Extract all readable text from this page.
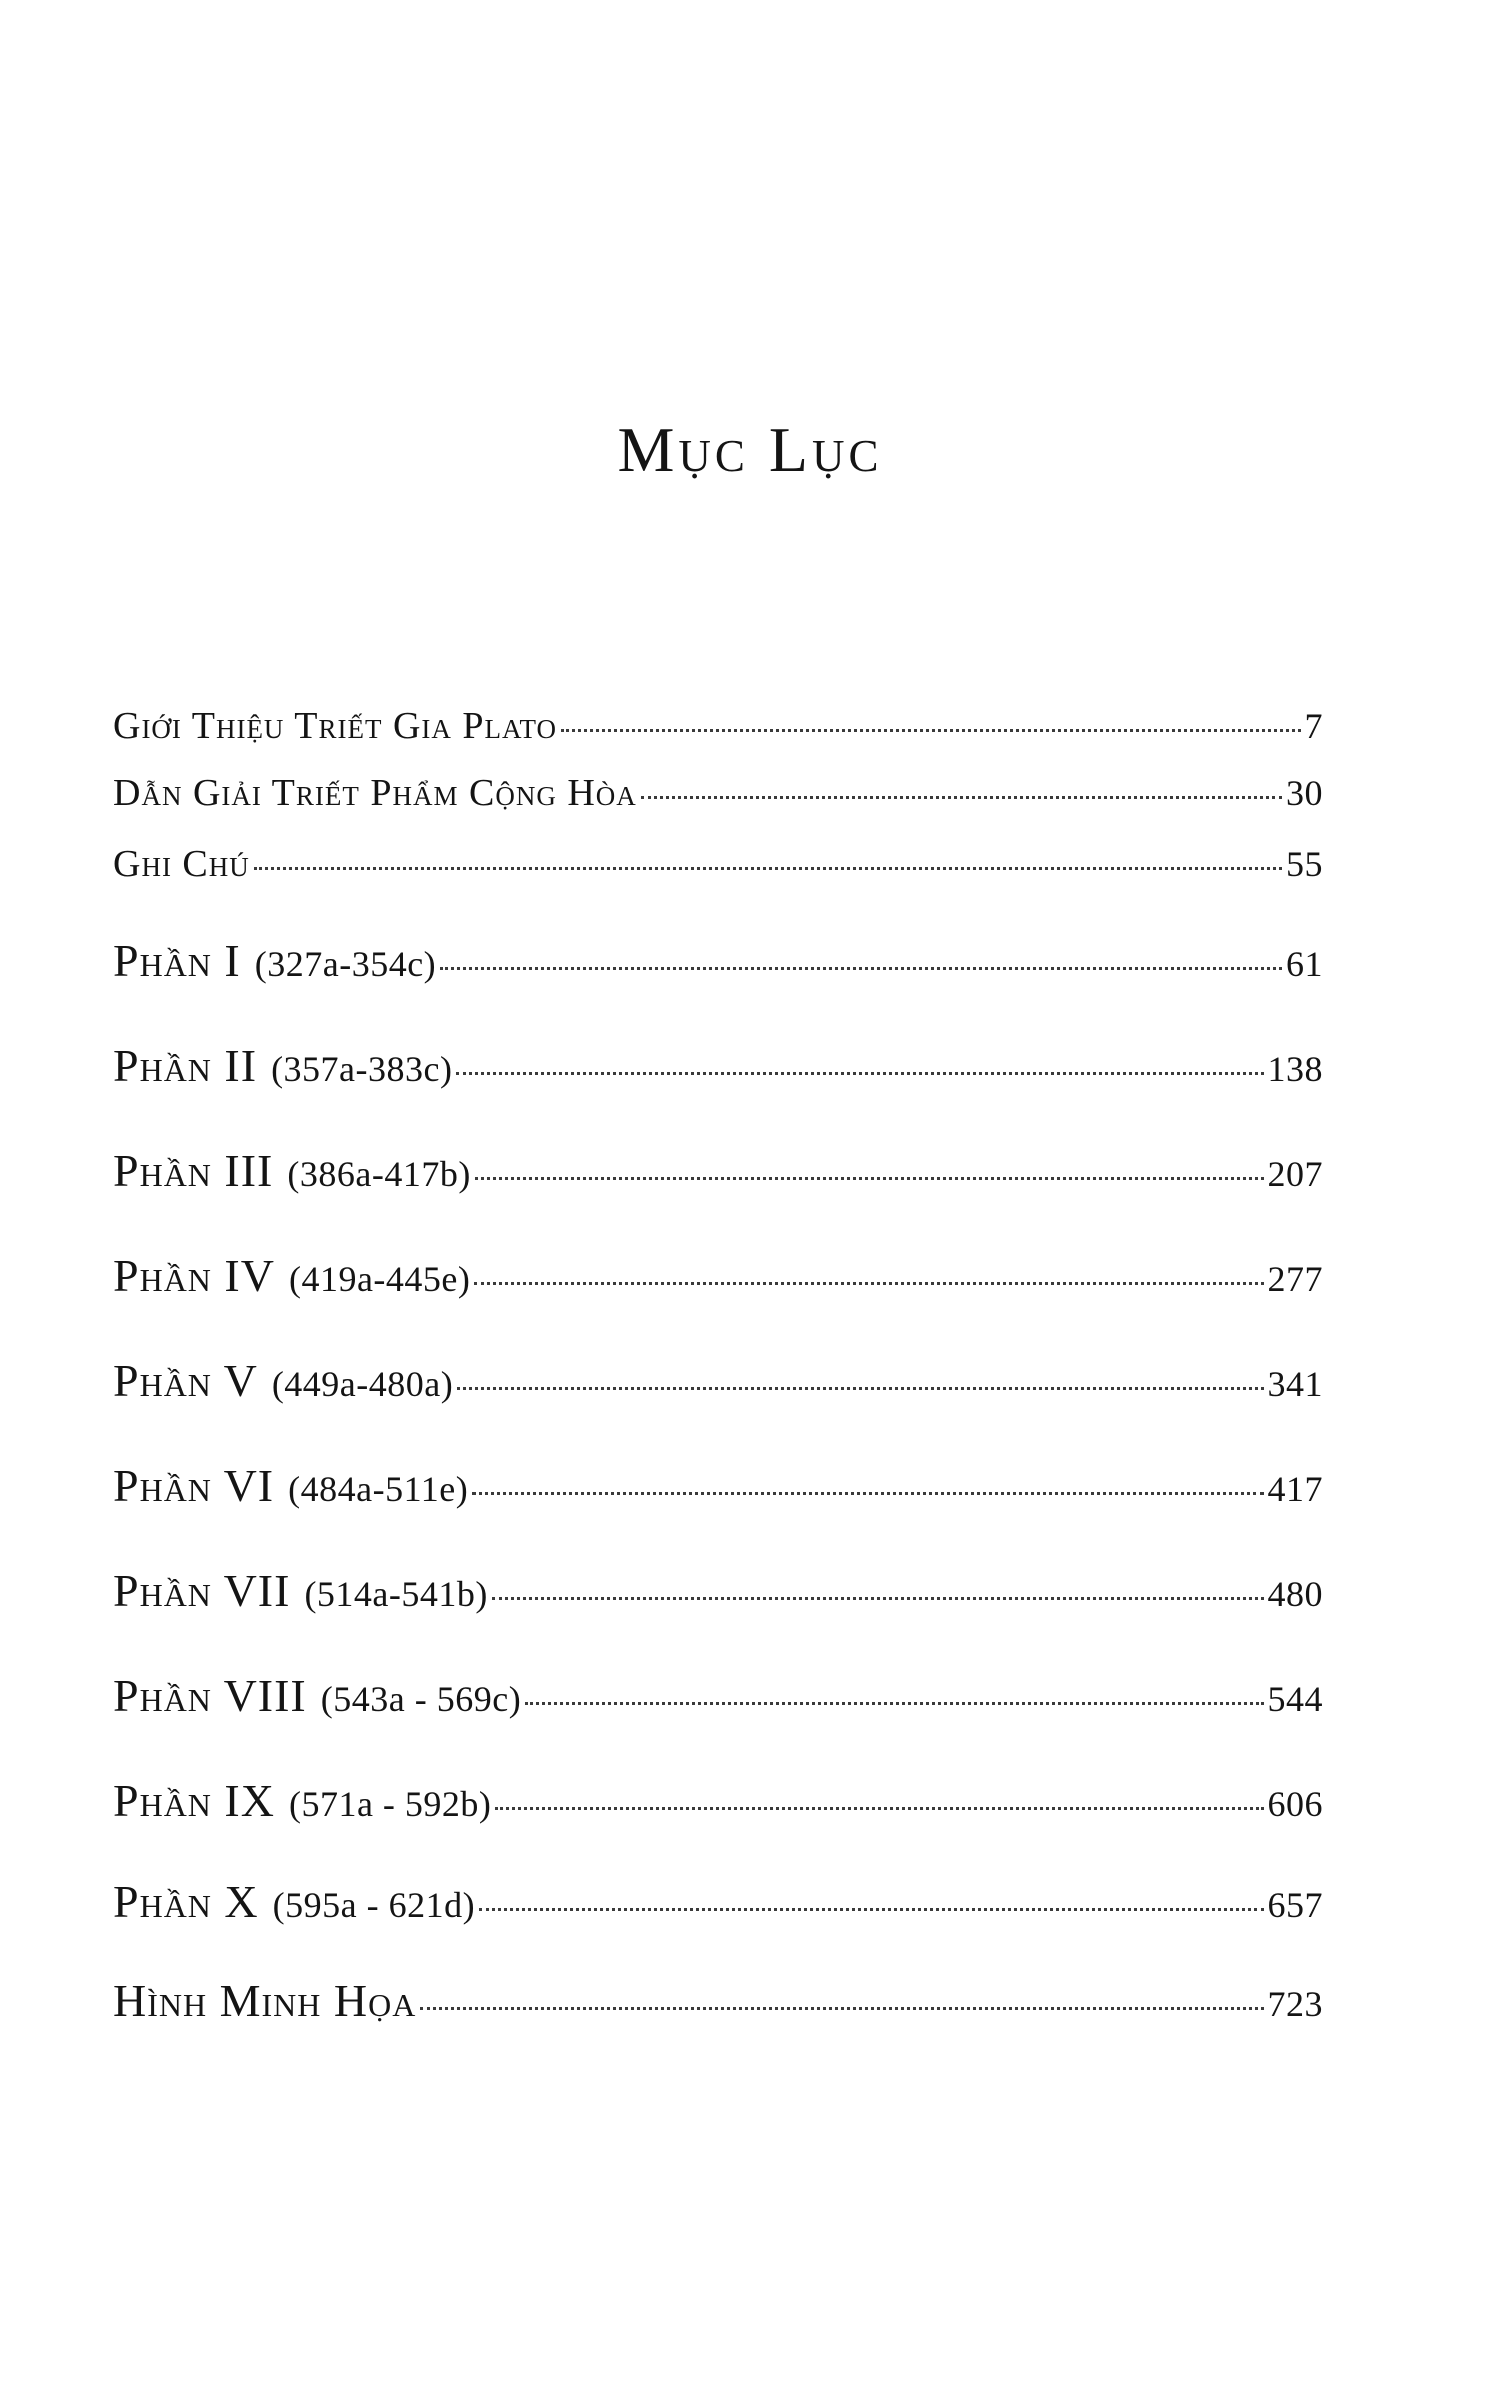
Mục Lục
Giới Thiệu Triết Gia Plato	7
Dẫn Giải Triết Phẩm Cộng Hòa	30
Ghi Chú	55
Phần I (327a-354c)	61
Phần II (357a-383c)	138
Phần III (386a-417b)	207
Phần IV (419a-445e)	277
Phần V (449a-480a)	341
Phần VI (484a-511e)	417
Phần VII (514a-541b)	480
Phần VIII (543a - 569c)	544
Phần IX (571a - 592b)	606
Phần X (595a - 621d)	657
Hình Minh Họa	723
